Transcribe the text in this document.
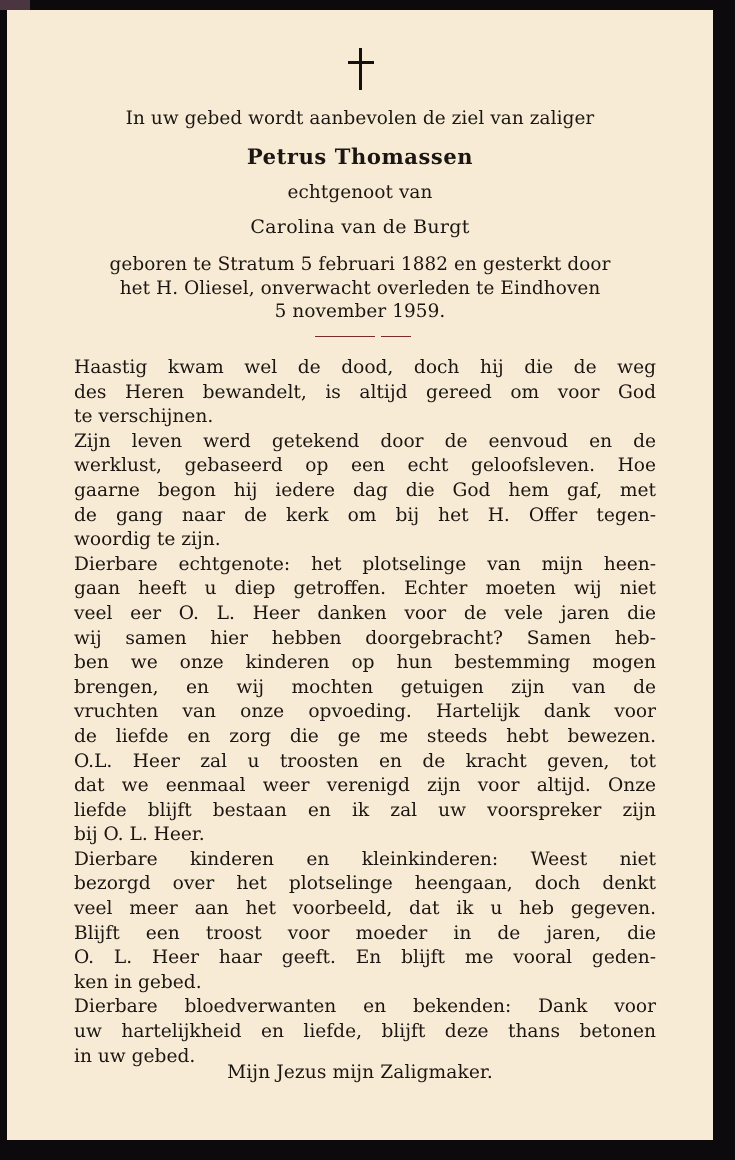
In uw gebed wordt aanbevolen de ziel van zaliger
Petrus Thomassen
echtgenoot van
Carolina van de Burgt
geboren te Stratum 5 februari 1882 en gesterkt door
het H. Oliesel, onverwacht overleden te Eindhoven
5 november 1959.
Haastig kwam wel de dood, doch hij die de weg
des Heren bewandelt, is altijd gereed om voor God
te verschijnen.
Zijn leven werd getekend door de eenvoud en de
werklust, gebaseerd op een echt geloofsleven. Hoe
gaarne begon hij iedere dag die God hem gaf, met
de gang naar de kerk om bij het H. Offer tegen-
woordig te zijn.
Dierbare echtgenote: het plotselinge van mijn heen-
gaan heeft u diep getroffen. Echter moeten wij niet
veel eer O. L. Heer danken voor de vele jaren die
wij samen hier hebben doorgebracht? Samen heb-
ben we onze kinderen op hun bestemming mogen
brengen, en wij mochten getuigen zijn van de
vruchten van onze opvoeding. Hartelijk dank voor
de liefde en zorg die ge me steeds hebt bewezen.
O.L. Heer zal u troosten en de kracht geven, tot
dat we eenmaal weer verenigd zijn voor altijd. Onze
liefde blijft bestaan en ik zal uw voorspreker zijn
bij O. L. Heer.
Dierbare kinderen en kleinkinderen: Weest niet
bezorgd over het plotselinge heengaan, doch denkt
veel meer aan het voorbeeld, dat ik u heb gegeven.
Blijft een troost voor moeder in de jaren, die
O. L. Heer haar geeft. En blijft me vooral geden-
ken in gebed.
Dierbare bloedverwanten en bekenden: Dank voor
uw hartelijkheid en liefde, blijft deze thans betonen
in uw gebed.
Mijn Jezus mijn Zaligmaker.
